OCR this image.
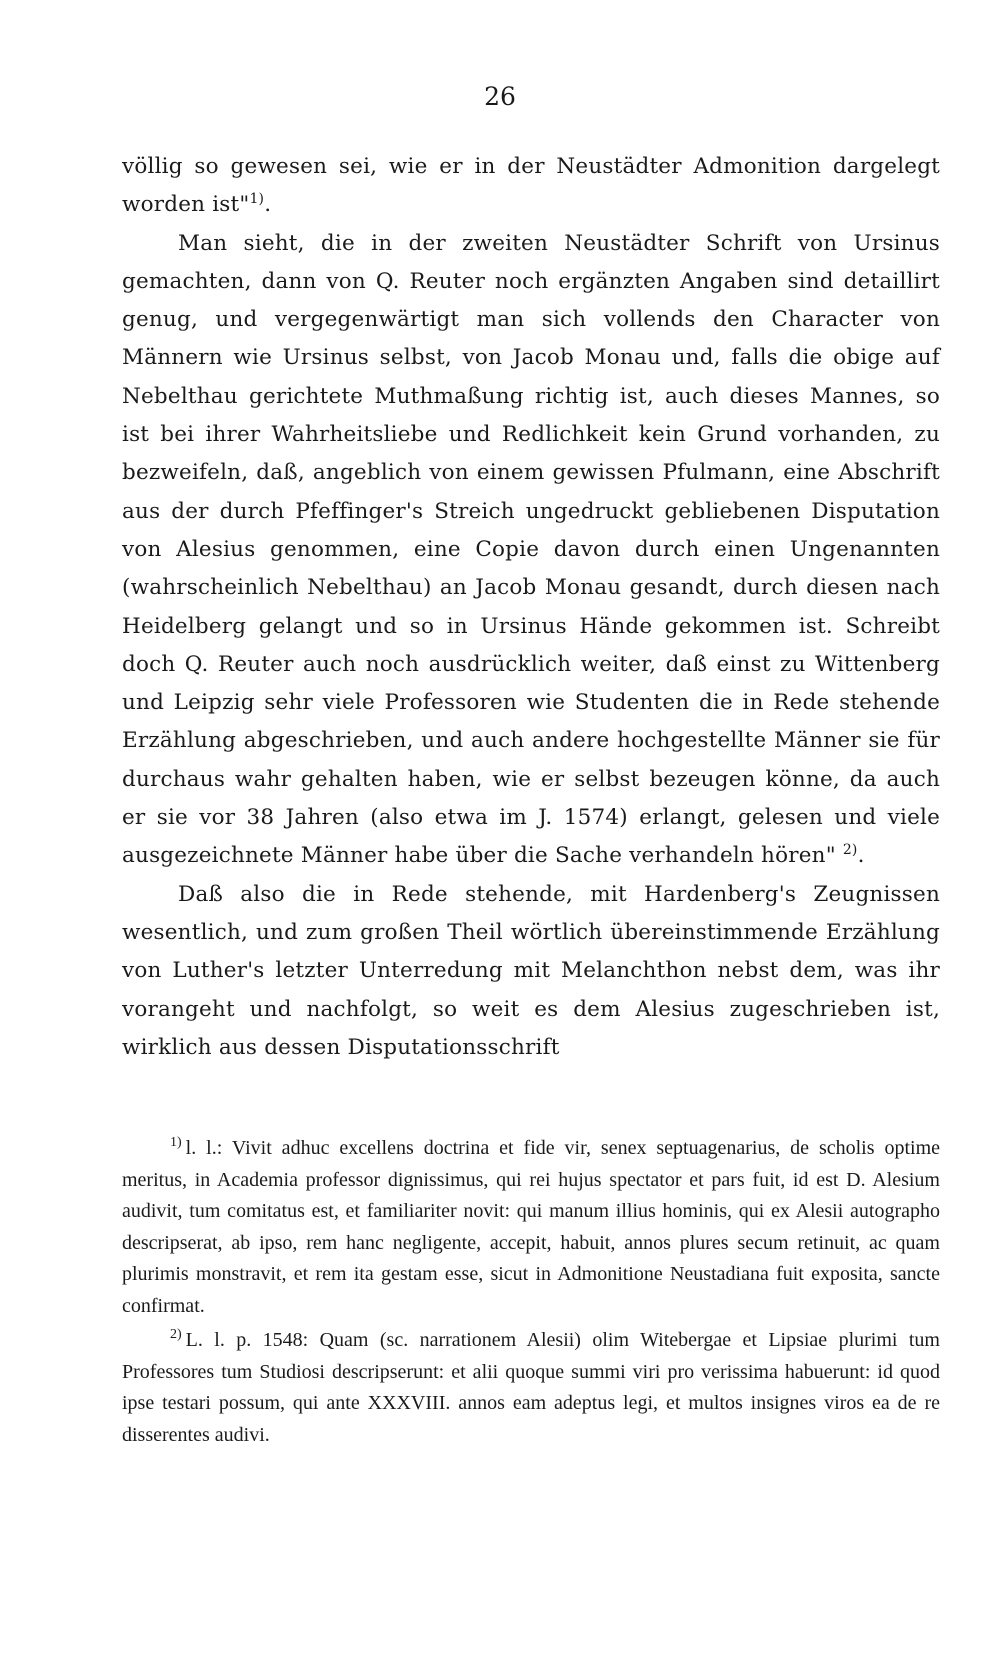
26

völlig so gewesen sei, wie er in der Neustädter Admonition dargelegt worden ist"$^{1)}$.

Man sieht, die in der zweiten Neustädter Schrift von Ursinus gemachten, dann von Q. Reuter noch ergänzten Angaben sind detaillirt genug, und vergegenwärtigt man sich vollends den Character von Männern wie Ursinus selbst, von Jacob Monau und, falls die obige auf Nebelthau gerichtete Muthmaßung richtig ist, auch dieses Mannes, so ist bei ihrer Wahrheitsliebe und Redlichkeit kein Grund vorhanden, zu bezweifeln, daß, angeblich von einem gewissen Pfulmann, eine Abschrift aus der durch Pfeffinger's Streich ungedruckt gebliebenen Disputation von Alesius genommen, eine Copie davon durch einen Ungenannten (wahrscheinlich Nebelthau) an Jacob Monau gesandt, durch diesen nach Heidelberg gelangt und so in Ursinus Hände gekommen ist. Schreibt doch Q. Reuter auch noch ausdrücklich weiter, daß einst zu Wittenberg und Leipzig sehr viele Professoren wie Studenten die in Rede stehende Erzählung abgeschrieben, und auch andere hochgestellte Männer sie für durchaus wahr gehalten haben, wie er selbst bezeugen könne, da auch er sie vor 38 Jahren (also etwa im J. 1574) erlangt, gelesen und viele ausgezeichnete Männer habe über die Sache verhandeln hören" $^{2)}$.

Daß also die in Rede stehende, mit Hardenberg's Zeugnissen wesentlich, und zum großen Theil wörtlich übereinstimmende Erzählung von Luther's letzter Unterredung mit Melanchthon nebst dem, was ihr vorangeht und nachfolgt, so weit es dem Alesius zugeschrieben ist, wirklich aus dessen Disputationsschrift

$^{1)}$ l. l.: Vivit adhuc excellens doctrina et fide vir, senex septuagenarius, de scholis optime meritus, in Academia professor dignissimus, qui rei hujus spectator et pars fuit, id est D. Alesium audivit, tum comitatus est, et familiariter novit: qui manum illius hominis, qui ex Alesii autographo descripserat, ab ipso, rem hanc negligente, accepit, habuit, annos plures secum retinuit, ac quam plurimis monstravit, et rem ita gestam esse, sicut in Admonitione Neustadiana fuit exposita, sancte confirmat.

$^{2)}$ L. l. p. 1548: Quam (sc. narrationem Alesii) olim Witebergae et Lipsiae plurimi tum Professores tum Studiosi descripserunt: et alii quoque summi viri pro verissima habuerunt: id quod ipse testari possum, qui ante XXXVIII. annos eam adeptus legi, et multos insignes viros ea de re disserentes audivi.
